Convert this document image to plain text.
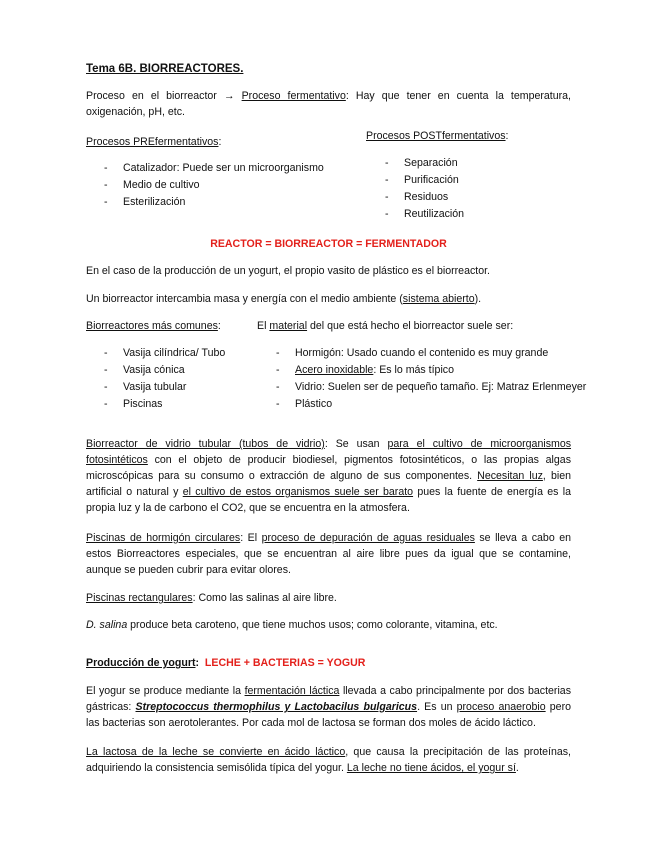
Tema 6B. BIORREACTORES.
Proceso en el biorreactor → Proceso fermentativo: Hay que tener en cuenta la temperatura, oxigenación, pH, etc.
Procesos PREfermentativos:
- Catalizador: Puede ser un microorganismo
- Medio de cultivo
- Esterilización
Procesos POSTfermentativos:
- Separación
- Purificación
- Residuos
- Reutilización
REACTOR = BIORREACTOR = FERMENTADOR
En el caso de la producción de un yogurt, el propio vasito de plástico es el biorreactor.
Un biorreactor intercambia masa y energía con el medio ambiente (sistema abierto).
Biorreactores más comunes:
- Vasija cilíndrica/ Tubo
- Vasija cónica
- Vasija tubular
- Piscinas
El material del que está hecho el biorreactor suele ser:
- Hormigón: Usado cuando el contenido es muy grande
- Acero inoxidable: Es lo más típico
- Vidrio: Suelen ser de pequeño tamaño. Ej: Matraz Erlenmeyer
- Plástico
Biorreactor de vidrio tubular (tubos de vidrio): Se usan para el cultivo de microorganismos fotosintéticos con el objeto de producir biodiesel, pigmentos fotosintéticos, o las propias algas microscópicas para su consumo o extracción de alguno de sus componentes. Necesitan luz, bien artificial o natural y el cultivo de estos organismos suele ser barato pues la fuente de energía es la propia luz y la de carbono el CO2, que se encuentra en la atmosfera.
Piscinas de hormigón circulares: El proceso de depuración de aguas residuales se lleva a cabo en estos Biorreactores especiales, que se encuentran al aire libre pues da igual que se contamine, aunque se pueden cubrir para evitar olores.
Piscinas rectangulares: Como las salinas al aire libre.
D. salina produce beta caroteno, que tiene muchos usos; como colorante, vitamina, etc.
Producción de yogurt: LECHE + BACTERIAS = YOGUR
El yogur se produce mediante la fermentación láctica llevada a cabo principalmente por dos bacterias gástricas: Streptococcus thermophilus y Lactobacilus bulgaricus. Es un proceso anaerobio pero las bacterias son aerotolerantes. Por cada mol de lactosa se forman dos moles de ácido láctico.
La lactosa de la leche se convierte en ácido láctico, que causa la precipitación de las proteínas, adquiriendo la consistencia semisólida típica del yogur. La leche no tiene ácidos, el yogur sí.
